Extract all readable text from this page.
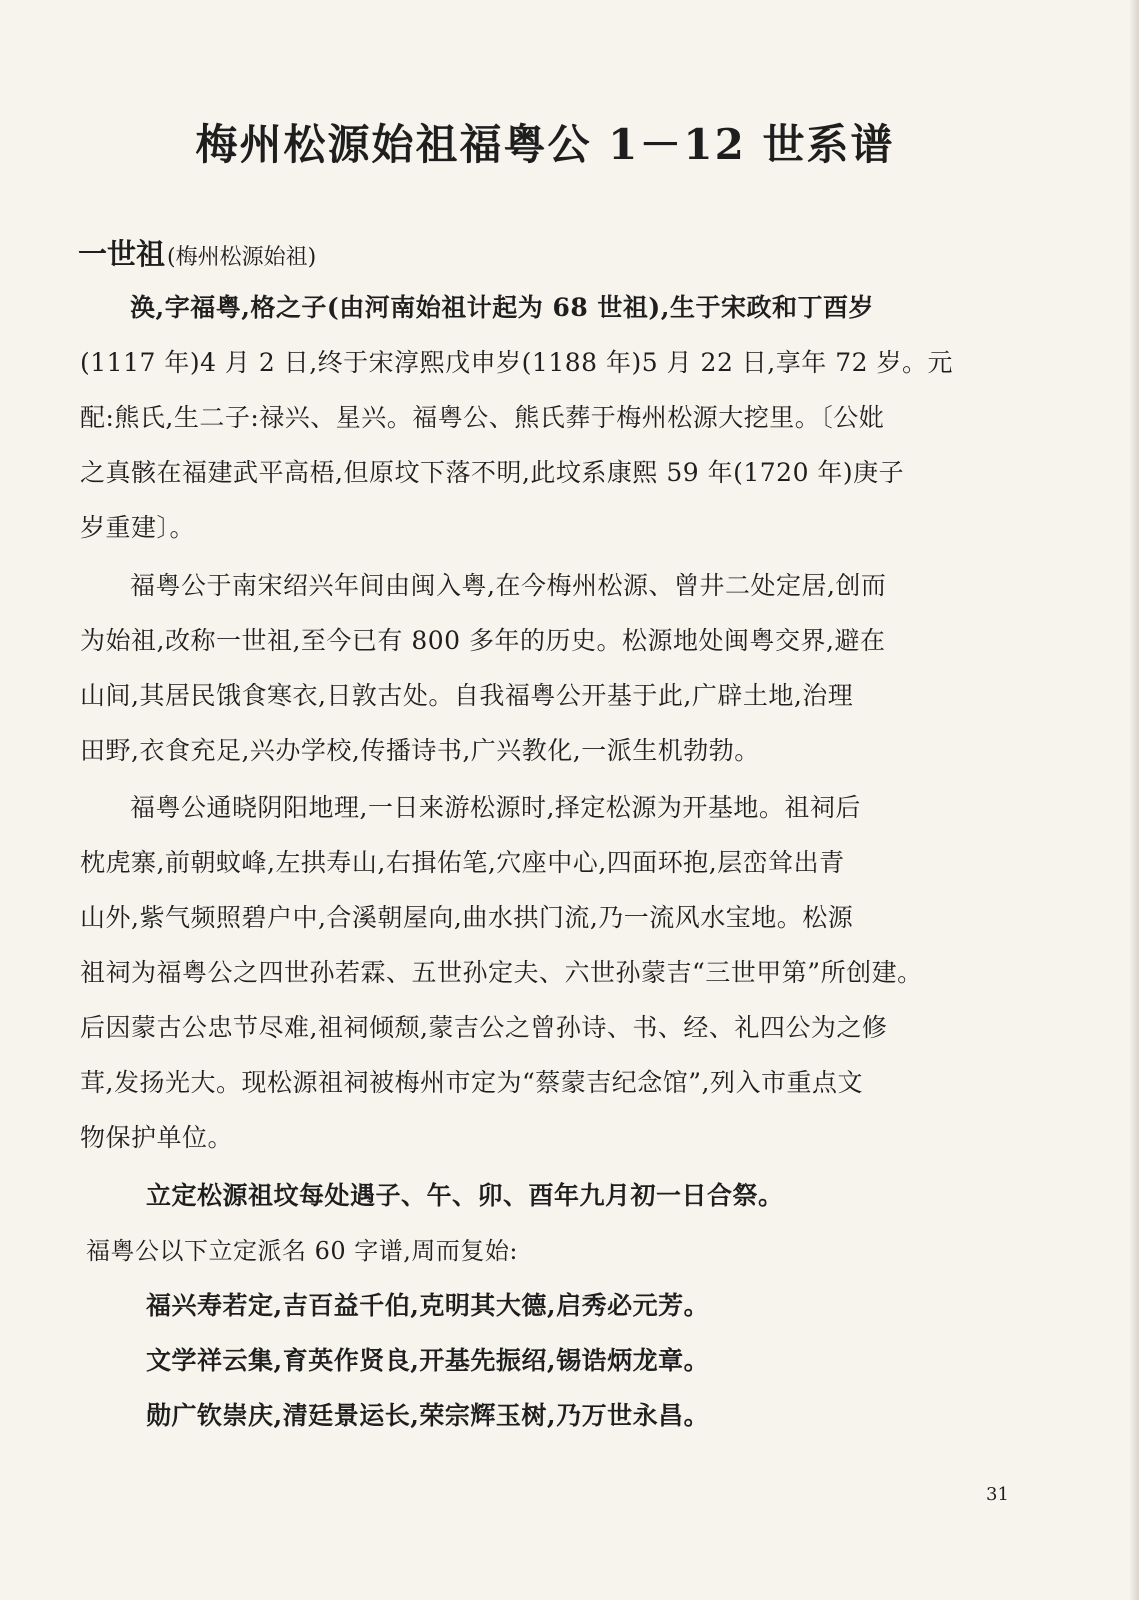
梅州松源始祖福粤公 1－12 世系谱
一世祖(梅州松源始祖)
涣,字福粤,格之子(由河南始祖计起为 68 世祖),生于宋政和丁酉岁
(1117 年)4 月 2 日,终于宋淳熙戊申岁(1188 年)5 月 22 日,享年 72 岁。元
配:熊氏,生二子:禄兴、星兴。福粤公、熊氏葬于梅州松源大挖里。〔公妣
之真骸在福建武平高梧,但原坟下落不明,此坟系康熙 59 年(1720 年)庚子
岁重建〕。
福粤公于南宋绍兴年间由闽入粤,在今梅州松源、曾井二处定居,创而
为始祖,改称一世祖,至今已有 800 多年的历史。松源地处闽粤交界,避在
山间,其居民饿食寒衣,日敦古处。自我福粤公开基于此,广辟土地,治理
田野,衣食充足,兴办学校,传播诗书,广兴教化,一派生机勃勃。
福粤公通晓阴阳地理,一日来游松源时,择定松源为开基地。祖祠后
枕虎寨,前朝蚊峰,左拱寿山,右揖佑笔,穴座中心,四面环抱,层峦耸出青
山外,紫气频照碧户中,合溪朝屋向,曲水拱门流,乃一流风水宝地。松源
祖祠为福粤公之四世孙若霖、五世孙定夫、六世孙蒙吉“三世甲第”所创建。
后因蒙古公忠节尽难,祖祠倾颓,蒙吉公之曾孙诗、书、经、礼四公为之修
茸,发扬光大。现松源祖祠被梅州市定为“蔡蒙吉纪念馆”,列入市重点文
物保护单位。
立定松源祖坟每处遇子、午、卯、酉年九月初一日合祭。
福粤公以下立定派名 60 字谱,周而复始:
福兴寿若定,吉百益千伯,克明其大德,启秀必元芳。
文学祥云集,育英作贤良,开基先振绍,锡诰炳龙章。
勋广钦崇庆,清廷景运长,荣宗辉玉树,乃万世永昌。
31
